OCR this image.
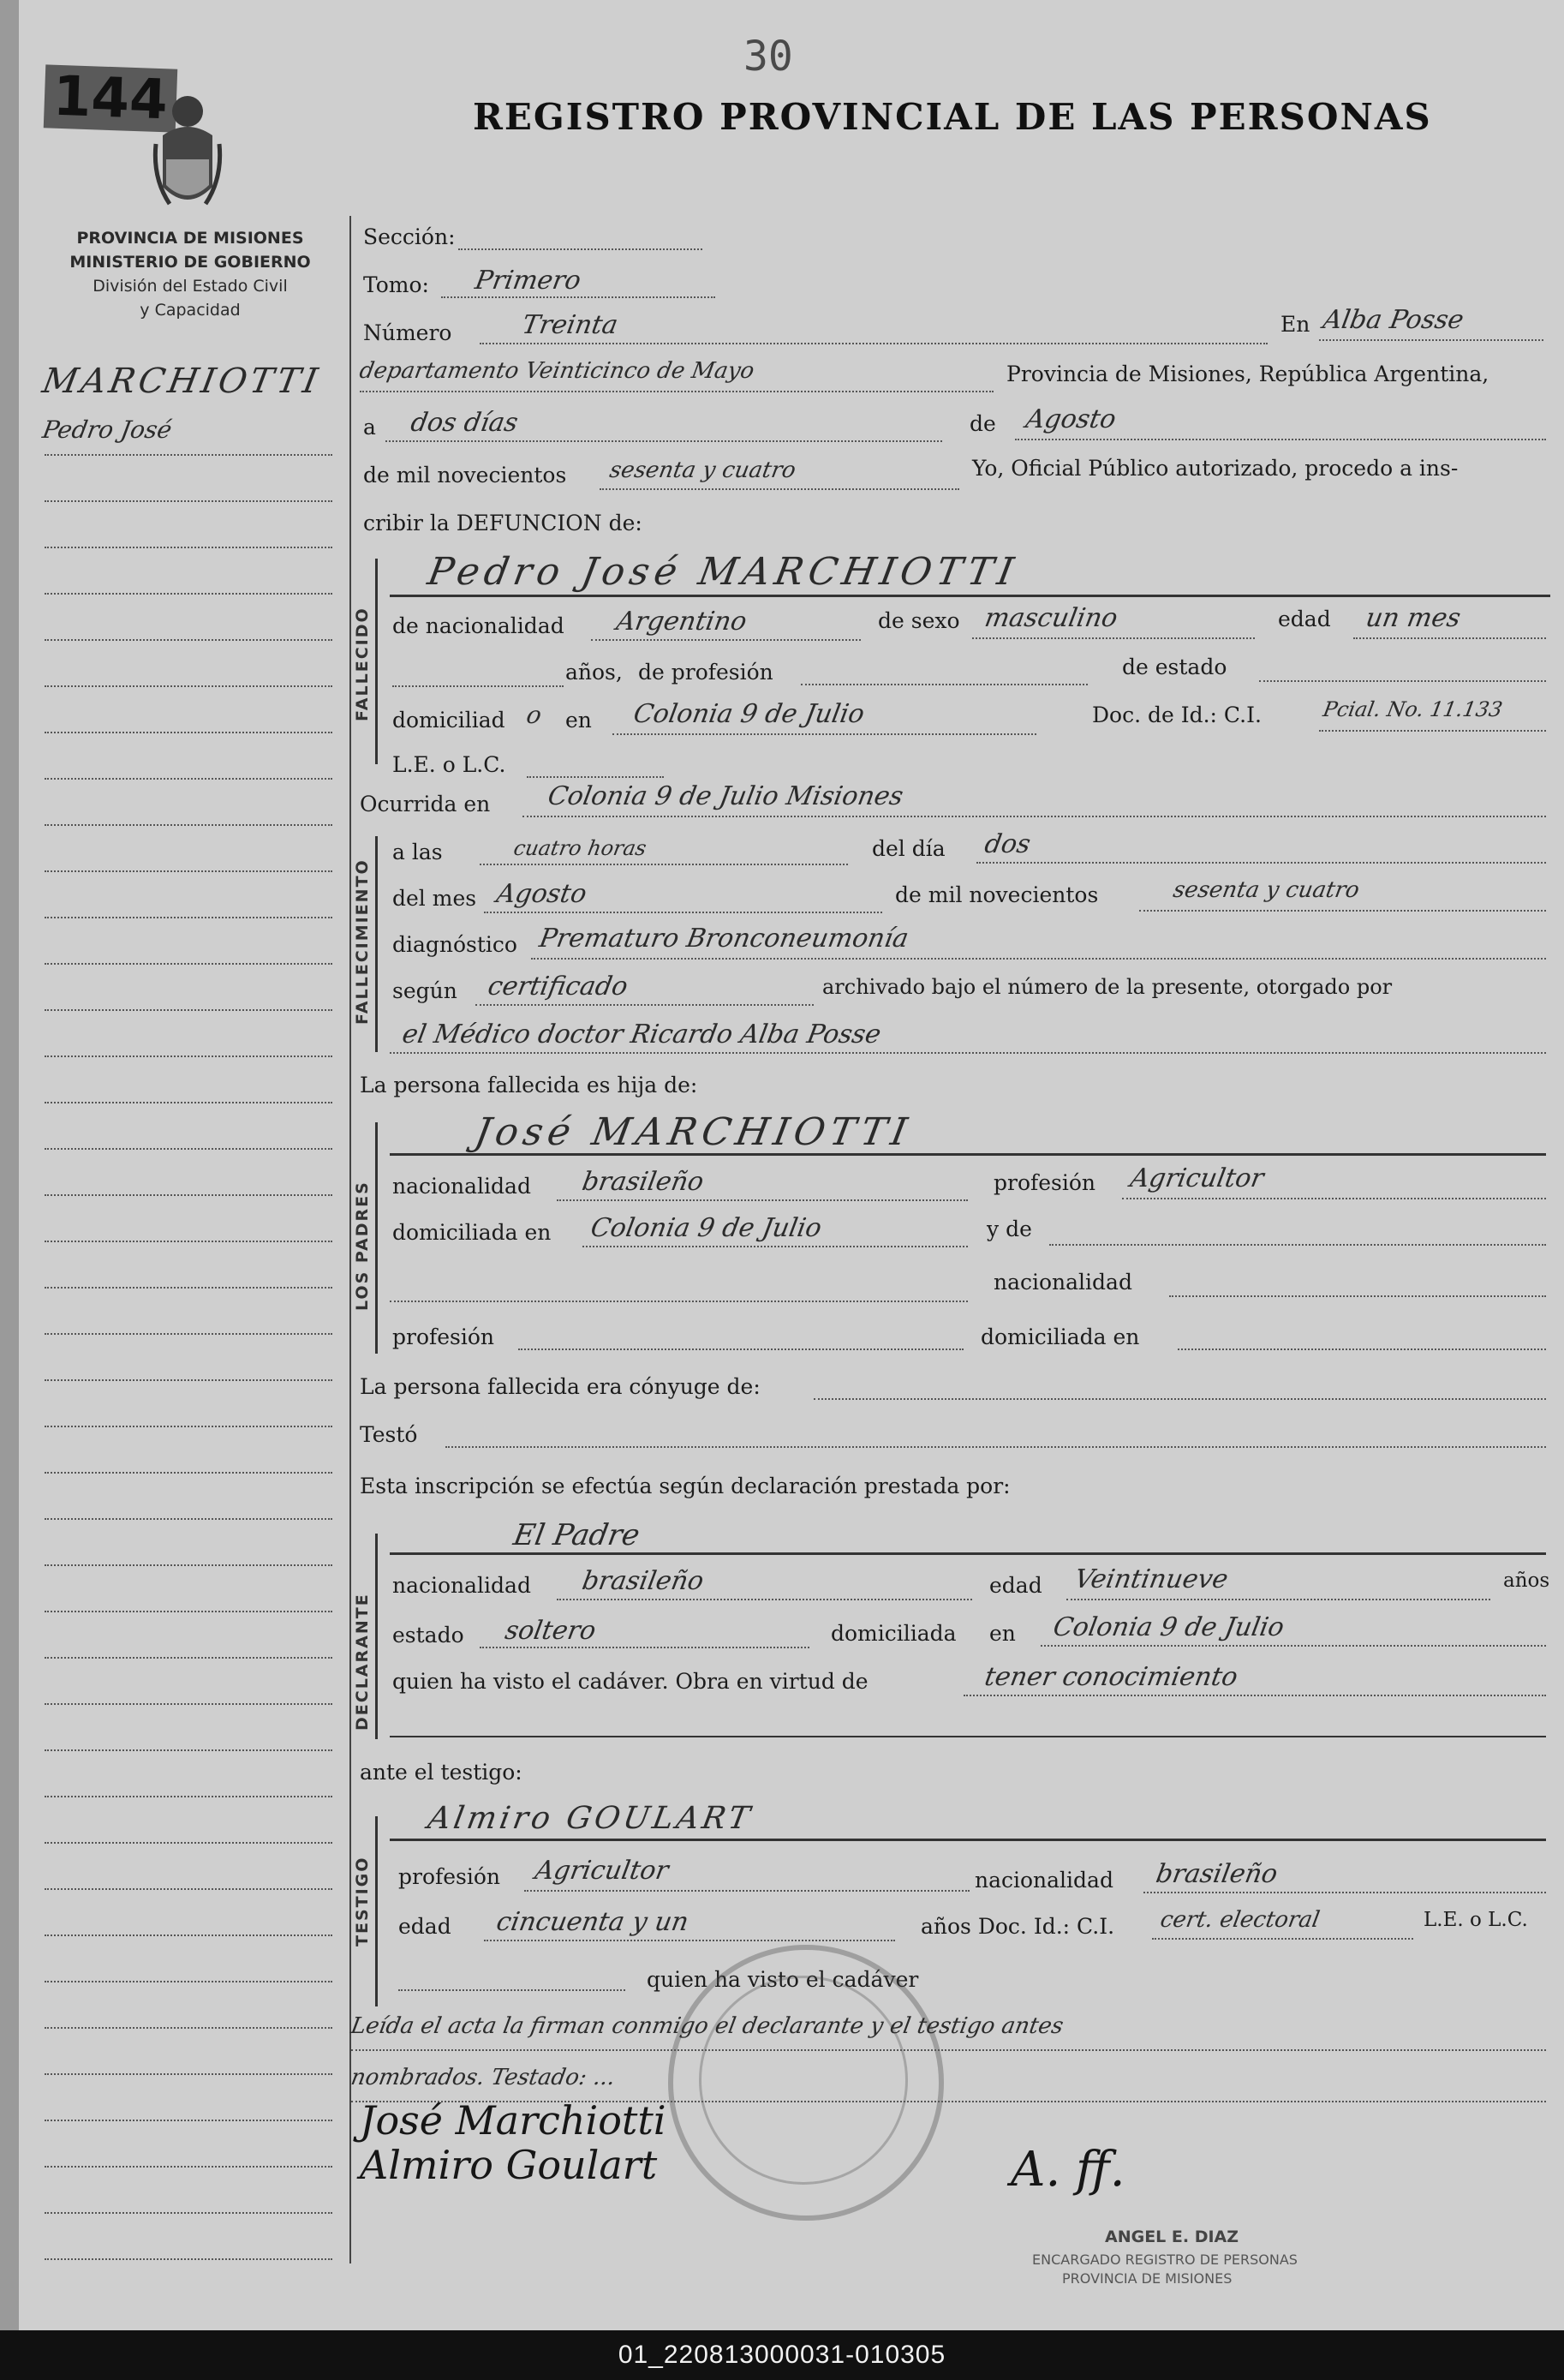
30
144	REGISTRO PROVINCIAL DE LAS PERSONAS
PROVINCIA DE MISIONES
MINISTERIO DE GOBIERNO
División del Estado Civil
y Capacidad
MARCHIOTTI
Pedro José
Sección:
Tomo: Primero
Número	Treinta	En Alba Posse
departamento Veinticinco de Mayo	Provincia de Misiones, República Argentina,
a dos días	de Agosto
de mil novecientos sesenta y cuatro	Yo, Oficial Público autorizado, procedo a ins-
cribir la DEFUNCION de:
FALLECIDO
Pedro José MARCHIOTTI
de nacionalidad Argentino	de sexo masculino	edad un mes
años, de profesión	de estado
domiciliad o en Colonia 9 de Julio	Doc. de Id.: C.I.	Pcial. No. 11.133
L.E. o L.C.
Ocurrida en Colonia 9 de Julio Misiones
FALLECIMIENTO
a las	cuatro horas	del día dos
del mes Agosto	de mil novecientos	sesenta y cuatro
diagnóstico Prematuro Bronconeumonía
según certificado	archivado bajo el número de la presente, otorgado por
el Médico doctor Ricardo Alba Posse
La persona fallecida es hija de:
LOS PADRES
José MARCHIOTTI
nacionalidad brasileño	profesión Agricultor
domiciliada en Colonia 9 de Julio	y de
nacionalidad
profesión	domiciliada en
La persona fallecida era cónyuge de:
Testó
Esta inscripción se efectúa según declaración prestada por:
DECLARANTE
El Padre
nacionalidad brasileño	edad Veintinueve	años
estado soltero	domiciliada en Colonia 9 de Julio
quien ha visto el cadáver. Obra en virtud de	tener conocimiento
ante el testigo:
TESTIGO
Almiro GOULART
profesión Agricultor	nacionalidad brasileño
edad cincuenta y un	años Doc. Id.: C.I. cert. electoral	L.E. o L.C.
quien ha visto el cadáver
Leída el acta la firman conmigo el declarante y el testigo antes
nombrados. Testado: ...
José Marchiotti
Almiro Goulart	A. ff.
ANGEL E. DIAZ
ENCARGADO REGISTRO DE PERSONAS
PROVINCIA DE MISIONES
01_220813000031-010305
